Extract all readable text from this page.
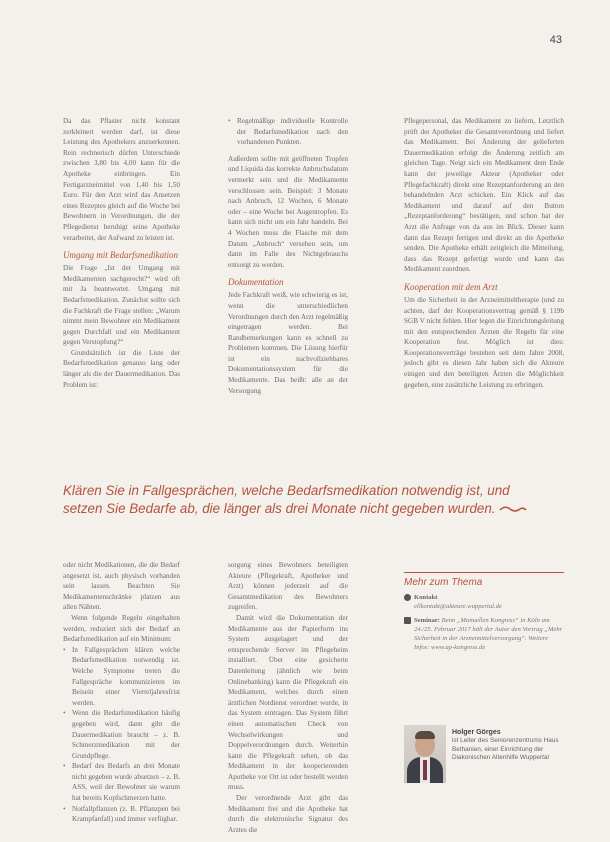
43

Da das Pflaster nicht konstant zerkleinert werden darf, ist diese Leistung des Apothekers anzuerkennen. Rein rechnerisch dürfen Unterschiede zwischen 3,80 bis 4,00 kann für die Apotheke einbringen. Ein Fertigarzneimittel von 1,40 bis 1,50 Euro. Für den Arzt wird das Ansetzen eines Rezeptes gleich auf die Woche bei Bewohnern in Verordnungen, die der Pflegedienst beruhigt seine Apotheke verarbeitet, der Aufwand zu leisten ist.

Umgang mit Bedarfsmedikation

Die Frage „Ist der Umgang mit Medikamenten sachgerecht?“ wird oft mit Ja beantwortet. Umgang mit Bedarfsmedikation. Zunächst sollte sich die Fachkraft die Frage stellen: „Warum nimmt mein Bewohner ein Medikament gegen Durchfall und ein Medikament gegen Verstopfung?“

Grundsätzlich ist die Liste der Bedarfsmedikation genauso lang oder länger als die der Dauermedikation. Das Problem ist:

• Regelmäßige individuelle Kontrolle der Bedarfsmedikation nach den vorhandenen Punkten.

Außerdem sollte mit geöffneten Tropfen und Liquida das korrekte Anbruchsdatum vermerkt sein und die Medikamente verschlossen sein. Beispiel: 3 Monate nach Anbruch, 12 Wochen, 6 Monate oder – eine Woche bei Augentropfen. Es kann sich nicht um ein Jahr handeln. Bei 4 Wochen muss die Flasche mit dem Datum „Anbruch“ versehen sein, um dann im Falle des Nichtgebrauchs entsorgt zu werden.

Dokumentation

Jede Fachkraft weiß, wie schwierig es ist, wenn die unterschiedlichen Verordnungen durch den Arzt regelmäßig eingetragen werden. Bei Randbemerkungen kann es schnell zu Problemen kommen. Die Lösung hierfür ist ein nachvollziehbares Dokumentationssystem für die Medikamente. Das heißt: alle an der Versorgung

Pflegepersonal, das Medikament zu liefern, Letztlich prüft der Apotheker die Gesamtverordnung und liefert das Medikament. Bei Änderung der gelieferten Dauermedikation erfolgt die Änderung zeitlich am gleichen Tage. Neigt sich ein Medikament dem Ende kann der jeweilige Akteur (Apotheker oder Pflegefachkraft) direkt eine Rezeptanforderung an den behandelnden Arzt schicken. Ein Klick auf das Medikament und darauf auf den Button „Rezeptanforderung“ bestätigen, und schon hat der Arzt die Anfrage von da aus im Blick. Dieser kann dann das Rezept fertigen und direkt an die Apotheke senden. Die Apotheke erhält zeitgleich die Mitteilung, dass das Rezept gefertigt wurde und kann das Medikament zuordnen.

Kooperation mit dem Arzt

Um die Sicherheit in der Arzneimitteltherapie (und zu achten, darf der Kooperationsvertrag gemäß § 119b SGB V nicht fehlen. Hier legen die Einrichtungsleitung mit den entsprechenden Ärzten die Regeln für eine Kooperation fest. Möglich ist dies: Kooperationsverträge bestehen seit dem Jahre 2008, jedoch gibt es diesen Jahr haben sich die Akteure einigen und den beteiligten Ärzten die Möglichkeit gegeben, eine zusätzliche Leistung zu erbringen.

Klären Sie in Fallgesprächen, welche Bedarfsmedikation notwendig ist, und setzen Sie Bedarfe ab, die länger als drei Monate nicht gegeben wurden.

oder nicht Medikationen, die die Bedarf angesetzt ist, auch physisch vorhanden sein lassen. Beachten Sie Medikamentenschränke platzen aus allen Nähten.

Wenn folgende Regeln eingehalten werden, reduziert sich der Bedarf an Bedarfsmedikation auf ein Minimum:

• In Fallgesprächen klären welche Bedarfsmedikation notwendig ist. Welche Symptome treten die Fallgespräche kommunizieren im Beisein einer Vierteljahresfrist werden.
• Wenn die Bedarfsmedikation häufig gegeben wird, dann gibt die Dauermedikation braucht – z. B. Schmerzmedikation mit der Grundpflege.
• Bedarf des Bedarfs an drei Monate nicht gegeben wurde absetzen – z. B. ASS, weil der Bewohner sie warum hat bereits Kopfschmerzen hatte.
• Notfallpflanzen (z. B. Pflanzpen bei Krampfanfall) und immer verfügbar.

sorgung eines Bewohners beteiligten Akteure (Pflegekraft, Apotheker und Arzt) können jederzeit auf die Gesamtmedikation des Bewohners zugreifen.

Damit wird die Dokumentation der Medikamente aus der Papierform ins System ausgelagert und der entsprechende Server im Pflegeheim installiert. Über eine gesicherte Datenleitung (ähnlich wie beim Onlinebanking) kann die Pflegekraft ein Medikament, welches durch einen ärztlichen Notdienst verordnet wurde, in das System eintragen. Das System führt einen automatischen Check von Wechselwirkungen und Doppelverordnungen durch. Weiterhin kann die Pflegekraft sehen, ob das Medikament in der kooperierenden Apotheke vor Ort ist oder bestellt werden muss.

Der verordnende Arzt gibt das Medikament frei und die Apotheke hat durch die elektronische Signatur des Arztes die

Mehr zum Thema
Kontakt
ellkontakt@akteure.wuppertal.de
Seminar: Beim „Manuellen Kongress“ in Köln am 24./25. Februar 2017 hält der Autor den Vortrag „Mehr Sicherheit in der Arzneimittelversorgung“. Weitere Infos: www.ap-kongress.de
Holger Görges
ist Leiter des Seniorenzentrums Haus Bethanien, einer Einrichtung der Diakonischen Altenhilfe Wuppertal
